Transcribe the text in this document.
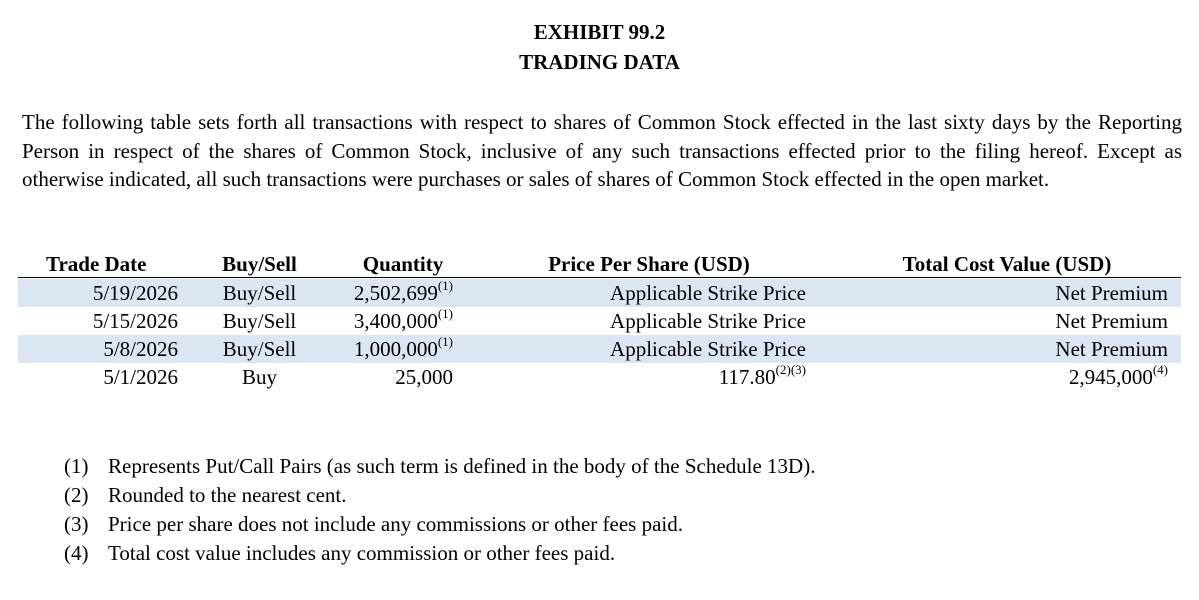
EXHIBIT 99.2
TRADING DATA
The following table sets forth all transactions with respect to shares of Common Stock effected in the last sixty days by the Reporting Person in respect of the shares of Common Stock, inclusive of any such transactions effected prior to the filing hereof. Except as otherwise indicated, all such transactions were purchases or sales of shares of Common Stock effected in the open market.
Trade Date	Buy/Sell	Quantity	Price Per Share (USD)	Total Cost Value (USD)
5/19/2026	Buy/Sell	2,502,699$^{(1)}$	Applicable Strike Price	Net Premium
5/15/2026	Buy/Sell	3,400,000$^{(1)}$	Applicable Strike Price	Net Premium
5/8/2026	Buy/Sell	1,000,000$^{(1)}$	Applicable Strike Price	Net Premium
5/1/2026	Buy	25,000	$117.80^{(2)(3)}$	2,945,000$^{(4)}$
(1) Represents Put/Call Pairs (as such term is defined in the body of the Schedule 13D).
(2) Rounded to the nearest cent.
(3) Price per share does not include any commissions or other fees paid.
(4) Total cost value includes any commission or other fees paid.
